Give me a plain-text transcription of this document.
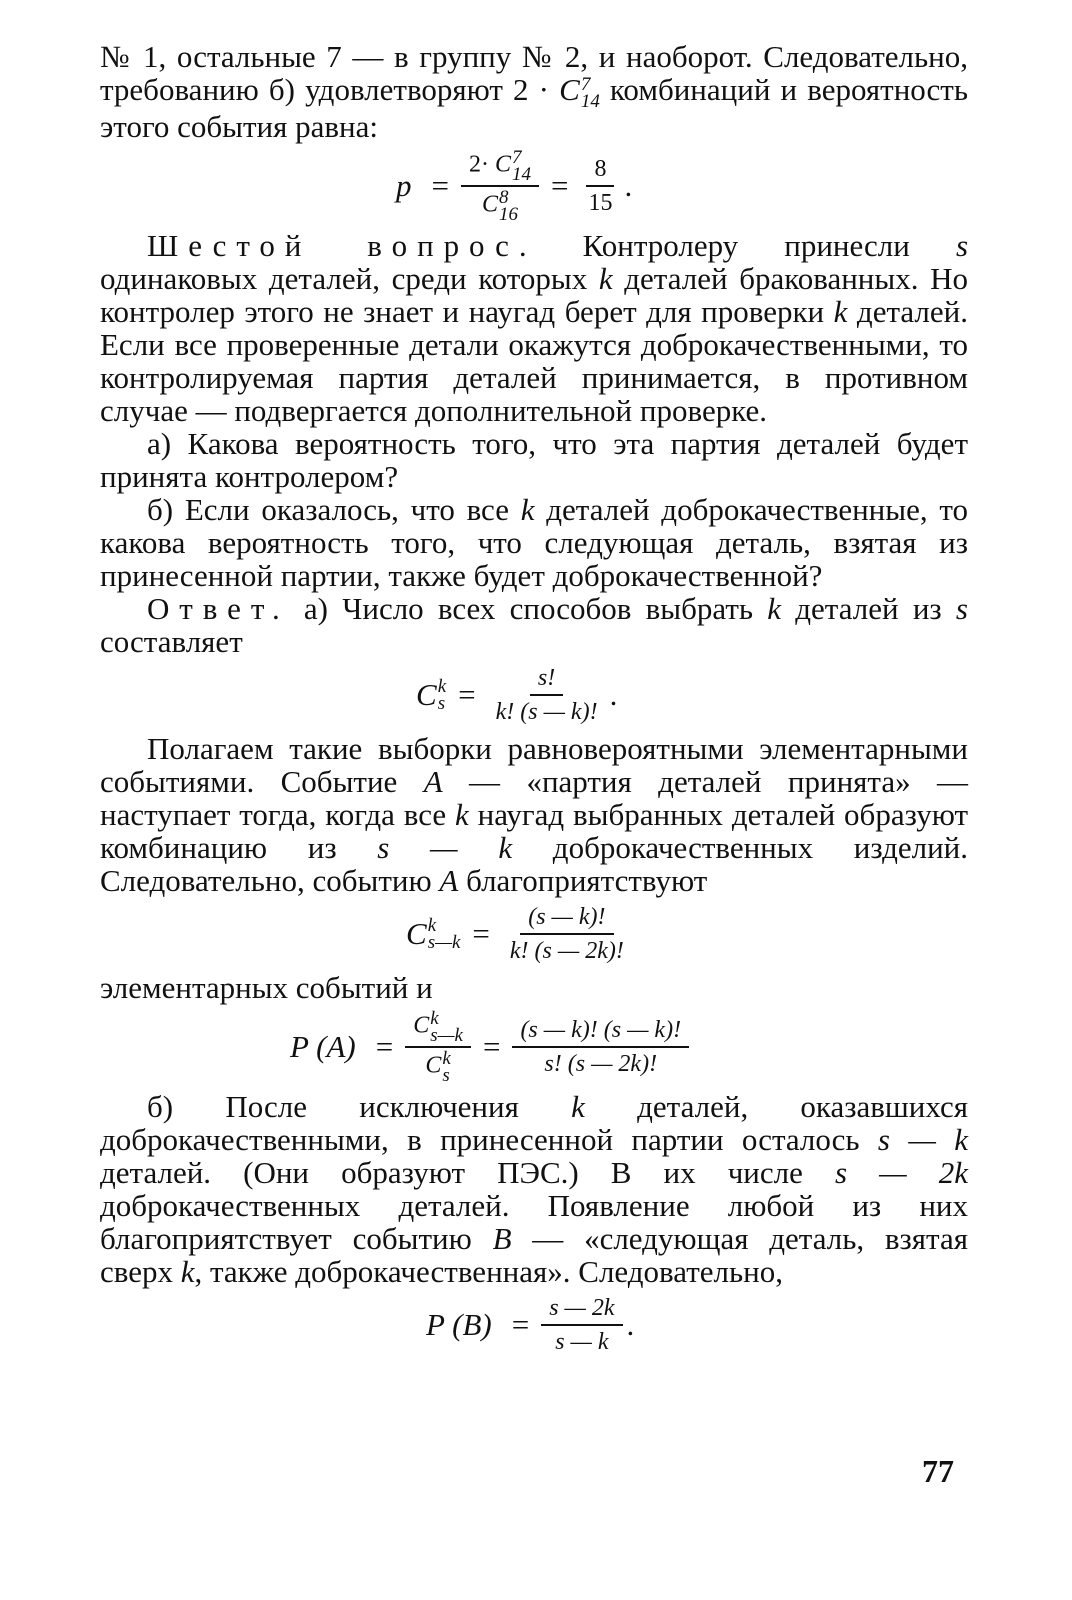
№ 1, остальные 7 — в группу № 2, и наоборот. Следовательно, требованию б) удовлетворяют 2 · C 7
14 комбинаций и вероятность этого события равна:

p = 2· C 7
14
C 8
$16 = \frac{8}{15}$ .

Шестой вопрос. Контролеру принесли s одинаковых деталей, среди которых k деталей бракованных. Но контролер этого не знает и наугад берет для проверки k деталей. Если все проверенные детали окажутся доброкачественными, то контролируемая партия деталей принимается, в противном случае — подвергается дополнительной проверке.

а) Какова вероятность того, что эта партия деталей будет принята контролером?

б) Если оказалось, что все k деталей доброкачественные, то какова вероятность того, что следующая деталь, взятая из принесенной партии, также будет доброкачественной?

Ответ. а) Число всех способов выбрать k деталей из s составляет

C k
$s = \frac{s!}{k! (s — k)!}$ .

Полагаем такие выборки равновероятными элементарными событиями. Событие A — «партия деталей принята» — наступает тогда, когда все k наугад выбранных деталей образуют комбинацию из s — k доброкачественных изделий. Следовательно, событию A благоприятствуют

C k
s—k = $\frac{(s — k)!}{k! (s — 2k)!}$

элементарных событий и

P (A) = C k
s—k
C k
$s = \frac{(s — k)! (s — k)!}{s! (s — 2k)!}$

б) После исключения k деталей, оказавшихся доброкачественными, в принесенной партии осталось s — k деталей. (Они образуют ПЭС.) В их числе s — 2k доброкачественных деталей. Появление любой из них благоприятствует событию B — «следующая деталь, взятая сверх k, также доброкачественная». Следовательно,

P $(B) = \frac{s — 2k}{s — k}$ .
77
